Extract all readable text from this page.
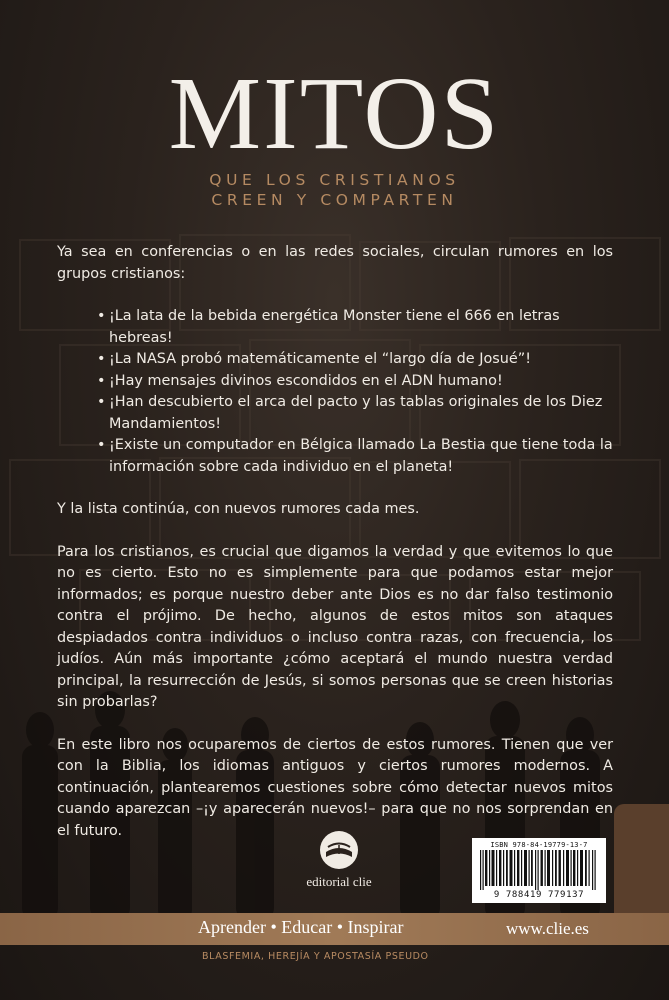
MITOS
QUE LOS CRISTIANOS
CREEN Y COMPARTEN

Ya sea en conferencias o en las redes sociales, circulan rumores en los grupos cristianos:

• ¡La lata de la bebida energética Monster tiene el 666 en letras hebreas!
• ¡La NASA probó matemáticamente el “largo día de Josué”!
• ¡Hay mensajes divinos escondidos en el ADN humano!
• ¡Han descubierto el arca del pacto y las tablas originales de los Diez Mandamientos!
• ¡Existe un computador en Bélgica llamado La Bestia que tiene toda la información sobre cada individuo en el planeta!

Y la lista continúa, con nuevos rumores cada mes.

Para los cristianos, es crucial que digamos la verdad y que evitemos lo que no es cierto. Esto no es simplemente para que podamos estar mejor informados; es porque nuestro deber ante Dios es no dar falso testimonio contra el prójimo. De hecho, algunos de estos mitos son ataques despiadados contra individuos o incluso contra razas, con frecuencia, los judíos. Aún más importante ¿cómo aceptará el mundo nuestra verdad principal, la resurrección de Jesús, si somos personas que se creen historias sin probarlas?

En este libro nos ocuparemos de ciertos de estos rumores. Tienen que ver con la Biblia, los idiomas antiguos y ciertos rumores modernos. A continuación, plantearemos cuestiones sobre cómo detectar nuevos mitos cuando aparezcan –¡y aparecerán nuevos!– para que no nos sorprendan en el futuro.

editorial clie
ISBN 978-84-19779-13-7
9 788419 779137
Aprender • Educar • Inspirar	www.clie.es
BLASFEMIA, HEREJÍA Y APOSTASÍA PSEUDO
